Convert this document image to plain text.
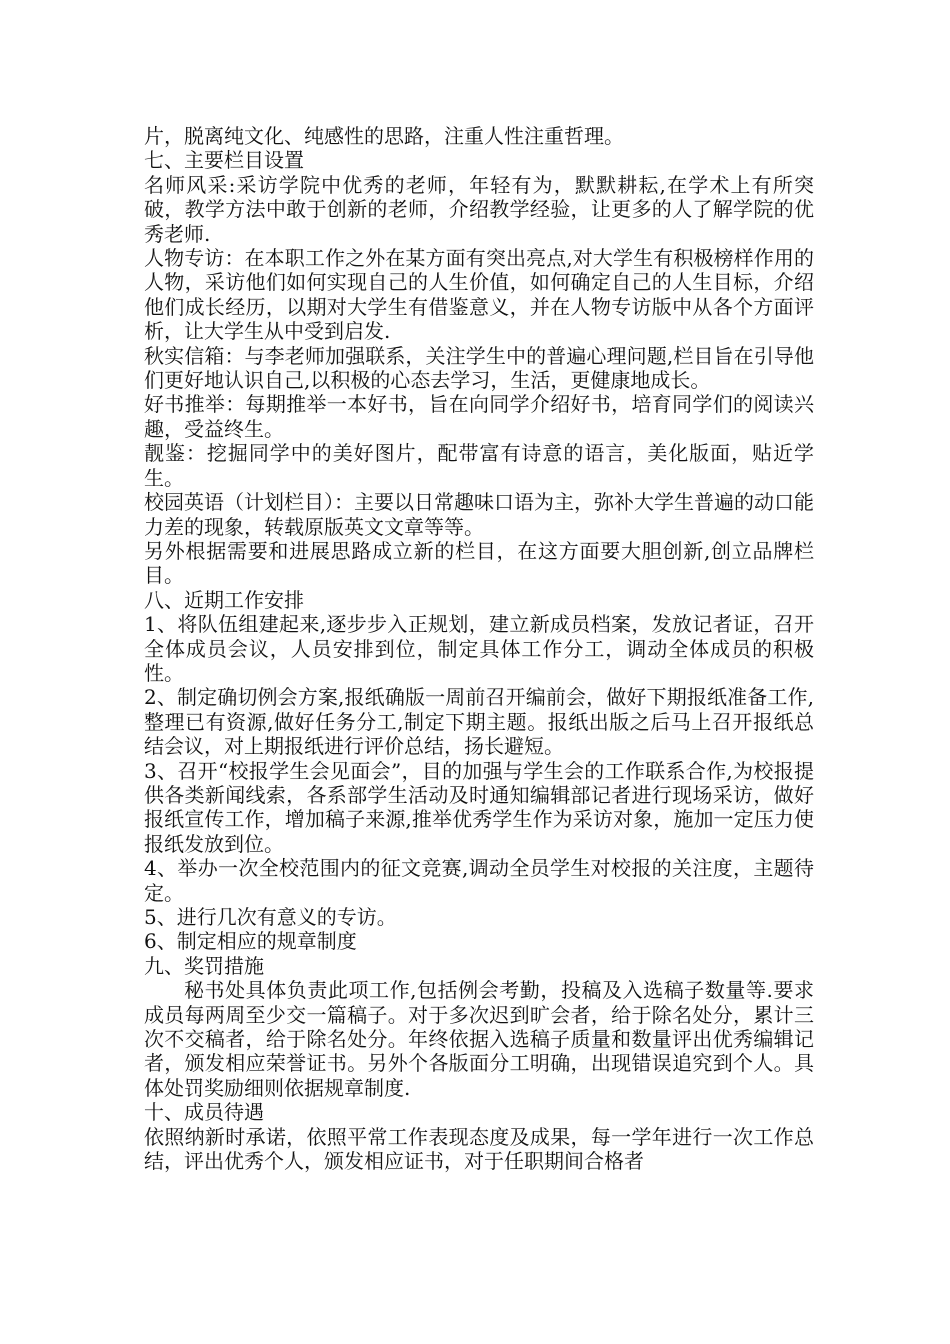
片，脱离纯文化、纯感性的思路，注重人性注重哲理。

七、主要栏目设置

名师风采:采访学院中优秀的老师，年轻有为，默默耕耘,在学术上有所突破，教学方法中敢于创新的老师，介绍教学经验，让更多的人了解学院的优秀老师.

人物专访：在本职工作之外在某方面有突出亮点,对大学生有积极榜样作用的人物，采访他们如何实现自己的人生价值，如何确定自己的人生目标，介绍他们成长经历，以期对大学生有借鉴意义，并在人物专访版中从各个方面评析，让大学生从中受到启发.

秋实信箱：与李老师加强联系，关注学生中的普遍心理问题,栏目旨在引导他们更好地认识自己,以积极的心态去学习，生活，更健康地成长。

好书推举：每期推举一本好书，旨在向同学介绍好书，培育同学们的阅读兴趣，受益终生。

靓鉴：挖掘同学中的美好图片，配带富有诗意的语言，美化版面，贴近学生。

校园英语（计划栏目）：主要以日常趣味口语为主，弥补大学生普遍的动口能力差的现象，转载原版英文文章等等。

另外根据需要和进展思路成立新的栏目，在这方面要大胆创新,创立品牌栏目。

八、近期工作安排

1、将队伍组建起来,逐步步入正规划，建立新成员档案，发放记者证，召开全体成员会议，人员安排到位，制定具体工作分工，调动全体成员的积极性。

2、制定确切例会方案,报纸确版一周前召开编前会，做好下期报纸准备工作,整理已有资源,做好任务分工,制定下期主题。报纸出版之后马上召开报纸总结会议，对上期报纸进行评价总结，扬长避短。

3、召开“校报学生会见面会”，目的加强与学生会的工作联系合作,为校报提供各类新闻线索，各系部学生活动及时通知编辑部记者进行现场采访，做好报纸宣传工作，增加稿子来源,推举优秀学生作为采访对象，施加一定压力使报纸发放到位。

4、举办一次全校范围内的征文竞赛,调动全员学生对校报的关注度，主题待定。

5、进行几次有意义的专访。

6、制定相应的规章制度

九、奖罚措施

秘书处具体负责此项工作,包括例会考勤，投稿及入选稿子数量等.要求成员每两周至少交一篇稿子。对于多次迟到旷会者，给于除名处分，累计三次不交稿者，给于除名处分。年终依据入选稿子质量和数量评出优秀编辑记者，颁发相应荣誉证书。另外个各版面分工明确，出现错误追究到个人。具体处罚奖励细则依据规章制度.

十、成员待遇

依照纳新时承诺，依照平常工作表现态度及成果，每一学年进行一次工作总结，评出优秀个人，颁发相应证书，对于任职期间合格者
